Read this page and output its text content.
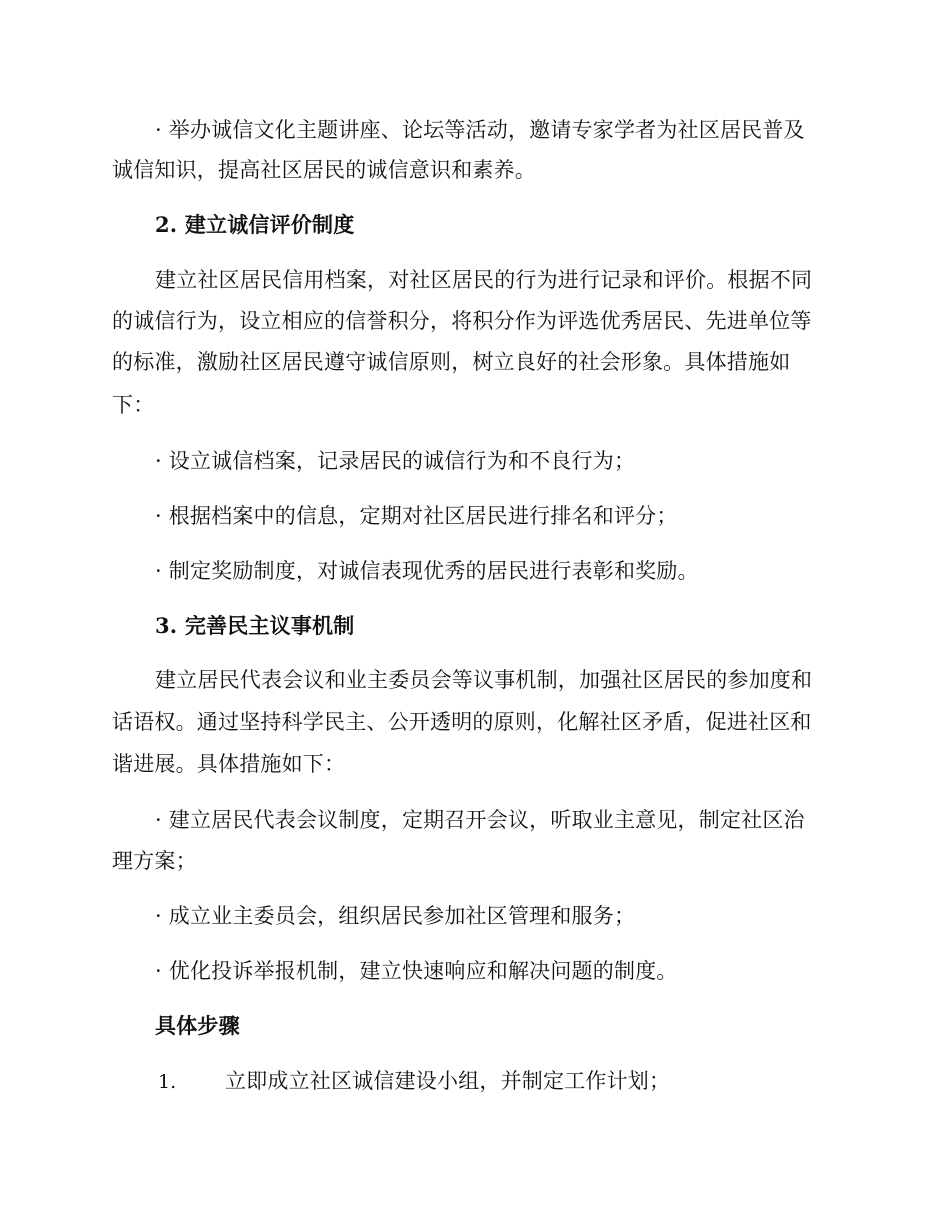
· 举办诚信文化主题讲座、论坛等活动，邀请专家学者为社区居民普及
诚信知识，提高社区居民的诚信意识和素养。
2. 建立诚信评价制度
建立社区居民信用档案，对社区居民的行为进行记录和评价。根据不同
的诚信行为，设立相应的信誉积分，将积分作为评选优秀居民、先进单位等
的标准，激励社区居民遵守诚信原则，树立良好的社会形象。具体措施如
下：
· 设立诚信档案，记录居民的诚信行为和不良行为；
· 根据档案中的信息，定期对社区居民进行排名和评分；
· 制定奖励制度，对诚信表现优秀的居民进行表彰和奖励。
3. 完善民主议事机制
建立居民代表会议和业主委员会等议事机制，加强社区居民的参加度和
话语权。通过坚持科学民主、公开透明的原则，化解社区矛盾，促进社区和
谐进展。具体措施如下：
· 建立居民代表会议制度，定期召开会议，听取业主意见，制定社区治
理方案；
· 成立业主委员会，组织居民参加社区管理和服务；
· 优化投诉举报机制，建立快速响应和解决问题的制度。
具体步骤
1. 立即成立社区诚信建设小组，并制定工作计划；
